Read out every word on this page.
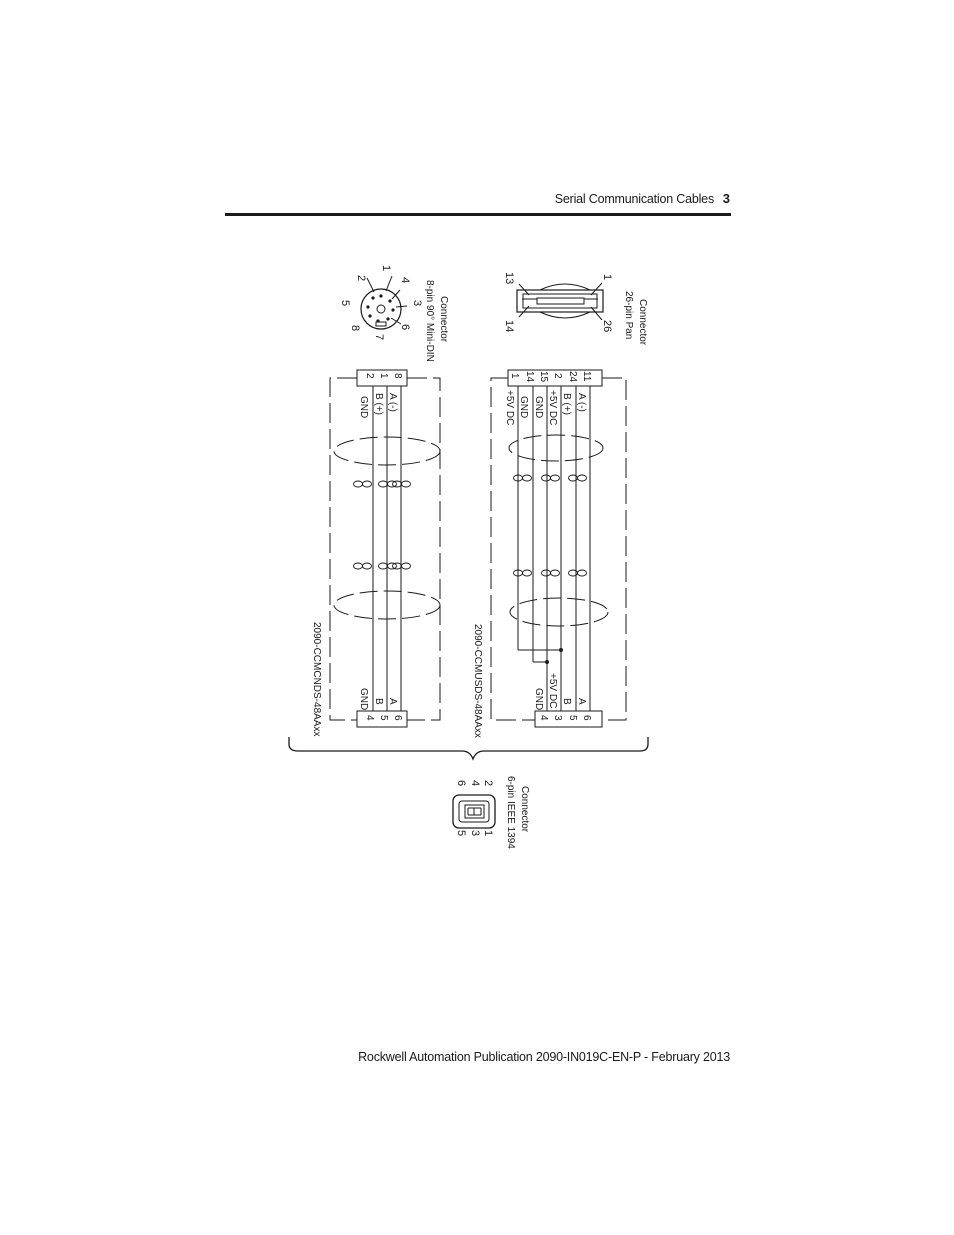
Serial Communication Cables 3
2
1
5
4
3
8
7
6 8-pin 90° Mini-DIN Connector
13	1
14	26 26-pin Pan Connector
2090-CCMCNDS-48AAxx
2 1 8
GND B (+) A (-)
GND B A
4 5 6	2090-CCMUSDS-48AAxx
1 14 15 2 24 11
+5V DC GND GND +5V DC B (+) A (-)
GND +5V DC B A
4 3 5 6
6 4 2
5 3 1 6-pin IEEE 1394 Connector
Rockwell Automation Publication 2090-IN019C-EN-P - February 2013
